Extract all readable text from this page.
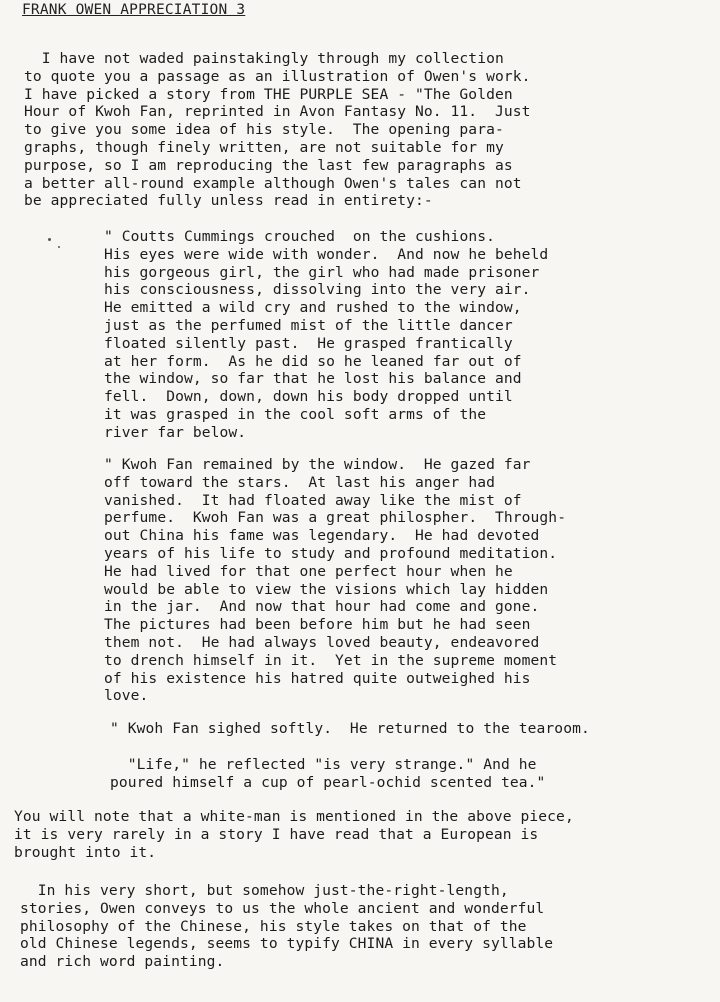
FRANK OWEN APPRECIATION 3
I have not waded painstakingly through my collection
to quote you a passage as an illustration of Owen's work.
I have picked a story from THE PURPLE SEA - "The Golden
Hour of Kwoh Fan, reprinted in Avon Fantasy No. 11.  Just
to give you some idea of his style.  The opening para-
graphs, though finely written, are not suitable for my
purpose, so I am reproducing the last few paragraphs as
a better all-round example although Owen's tales can not
be appreciated fully unless read in entirety:-
" Coutts Cummings crouched  on the cushions.
His eyes were wide with wonder.  And now he beheld
his gorgeous girl, the girl who had made prisoner
his consciousness, dissolving into the very air.
He emitted a wild cry and rushed to the window,
just as the perfumed mist of the little dancer
floated silently past.  He grasped frantically
at her form.  As he did so he leaned far out of
the window, so far that he lost his balance and
fell.  Down, down, down his body dropped until
it was grasped in the cool soft arms of the
river far below.
" Kwoh Fan remained by the window.  He gazed far
off toward the stars.  At last his anger had
vanished.  It had floated away like the mist of
perfume.  Kwoh Fan was a great philospher.  Through-
out China his fame was legendary.  He had devoted
years of his life to study and profound meditation.
He had lived for that one perfect hour when he
would be able to view the visions which lay hidden
in the jar.  And now that hour had come and gone.
The pictures had been before him but he had seen
them not.  He had always loved beauty, endeavored
to drench himself in it.  Yet in the supreme moment
of his existence his hatred quite outweighed his
love.
" Kwoh Fan sighed softly.  He returned to the tearoom.
"Life," he reflected "is very strange." And he
poured himself a cup of pearl-ochid scented tea."
You will note that a white-man is mentioned in the above piece,
it is very rarely in a story I have read that a European is
brought into it.
In his very short, but somehow just-the-right-length,
stories, Owen conveys to us the whole ancient and wonderful
philosophy of the Chinese, his style takes on that of the
old Chinese legends, seems to typify CHINA in every syllable
and rich word painting.
